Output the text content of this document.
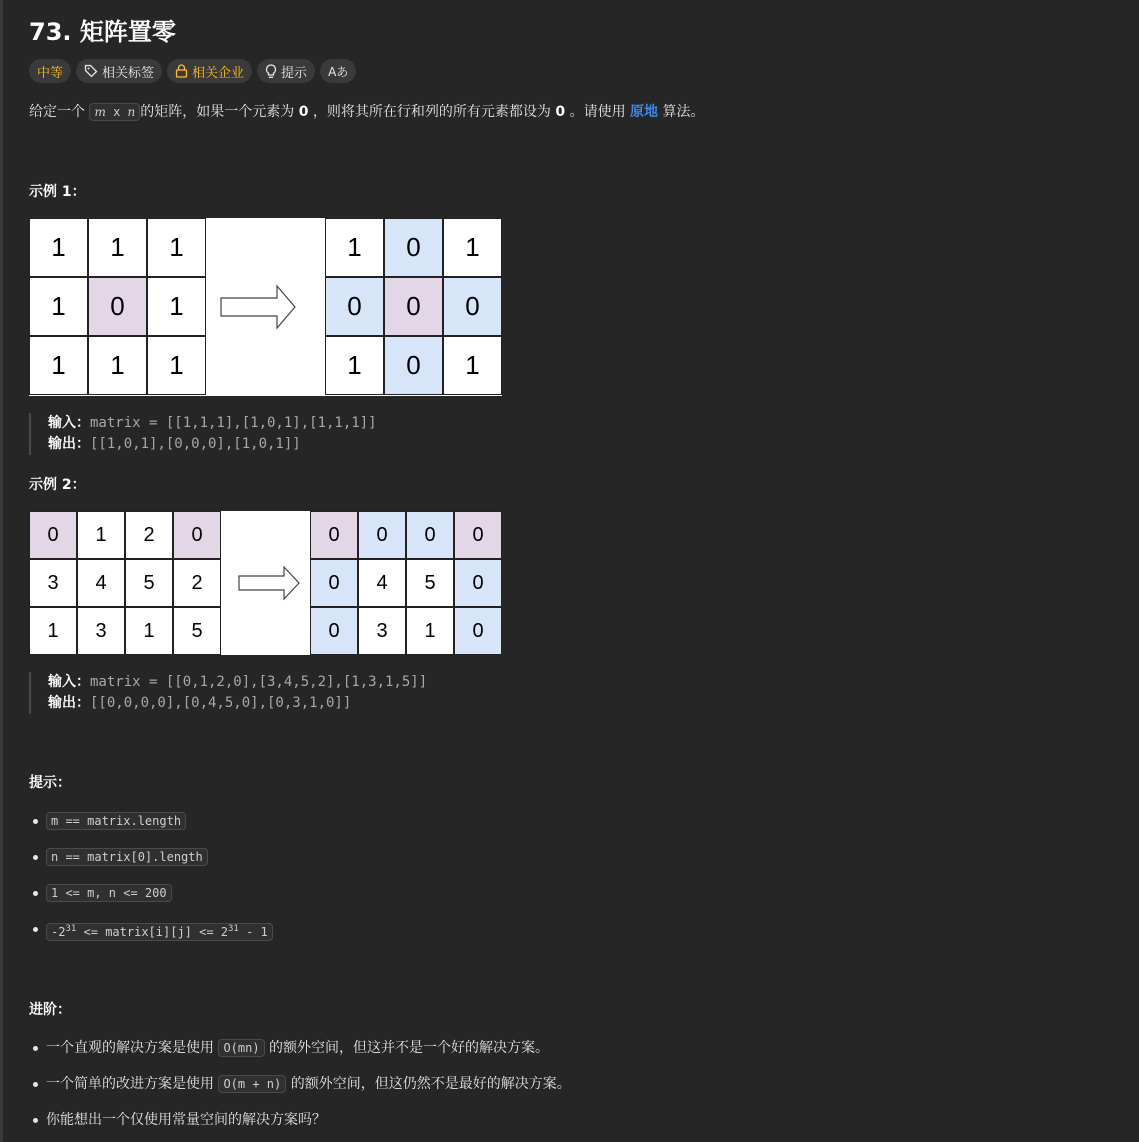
73. 矩阵置零
中等	相关标签	相关企业	提示 Aあ
给定一个 m x n 的矩阵，如果一个元素为 0 ，则将其所在行和列的所有元素都设为 0 。请使用 原地 算法。
示例 1：
1	1	1
1	0	1
1	1	1
1	0	1
0	0	0
1	0	1
输入：matrix = [[1,1,1],[1,0,1],[1,1,1]]
输出：[[1,0,1],[0,0,0],[1,0,1]]
示例 2：
0	1	2	0
3	4	5	2
1	3	1	5
0	0	0	0
0	4	5	0
0	3	1	0
输入：matrix = [[0,1,2,0],[3,4,5,2],[1,3,1,5]]
输出：[[0,0,0,0],[0,4,5,0],[0,3,1,0]]
提示：
m == matrix.length
n == matrix[0].length
1 <= m, n <= 200
$-2^{31}$ <= matrix[i][j] <= $2^{31} - 1$
进阶：
一个直观的解决方案是使用 O(mn) 的额外空间，但这并不是一个好的解决方案。
一个简单的改进方案是使用 O(m + n) 的额外空间，但这仍然不是最好的解决方案。
你能想出一个仅使用常量空间的解决方案吗？
